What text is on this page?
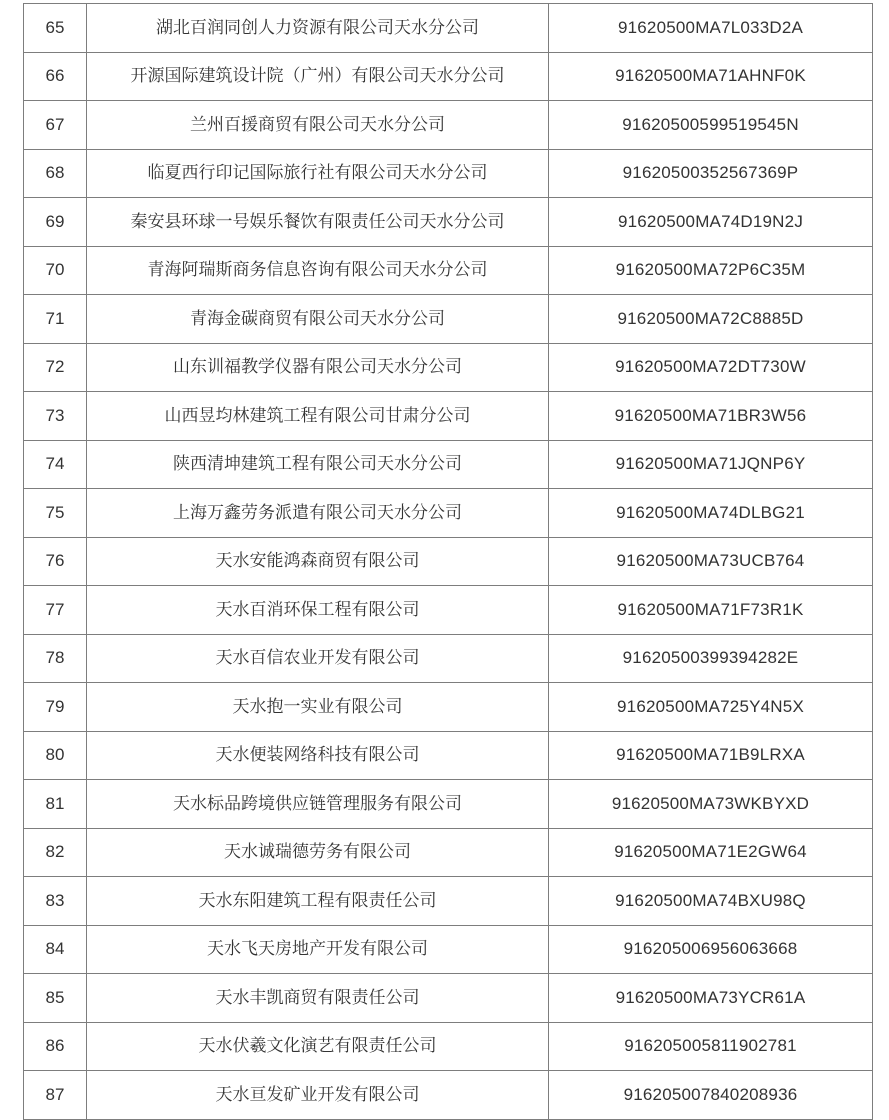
65	湖北百润同创人力资源有限公司天水分公司	91620500MA7L033D2A
66	开源国际建筑设计院（广州）有限公司天水分公司	91620500MA71AHNF0K
67	兰州百援商贸有限公司天水分公司	91620500599519545N
68	临夏西行印记国际旅行社有限公司天水分公司	91620500352567369P
69	秦安县环球一号娱乐餐饮有限责任公司天水分公司	91620500MA74D19N2J
70	青海阿瑞斯商务信息咨询有限公司天水分公司	91620500MA72P6C35M
71	青海金碳商贸有限公司天水分公司	91620500MA72C8885D
72	山东训福教学仪器有限公司天水分公司	91620500MA72DT730W
73	山西昱均林建筑工程有限公司甘肃分公司	91620500MA71BR3W56
74	陕西清坤建筑工程有限公司天水分公司	91620500MA71JQNP6Y
75	上海万鑫劳务派遣有限公司天水分公司	91620500MA74DLBG21
76	天水安能鸿森商贸有限公司	91620500MA73UCB764
77	天水百消环保工程有限公司	91620500MA71F73R1K
78	天水百信农业开发有限公司	91620500399394282E
79	天水抱一实业有限公司	91620500MA725Y4N5X
80	天水便装网络科技有限公司	91620500MA71B9LRXA
81	天水标品跨境供应链管理服务有限公司	91620500MA73WKBYXD
82	天水诚瑞德劳务有限公司	91620500MA71E2GW64
83	天水东阳建筑工程有限责任公司	91620500MA74BXU98Q
84	天水飞天房地产开发有限公司	916205006956063668
85	天水丰凯商贸有限责任公司	91620500MA73YCR61A
86	天水伏羲文化演艺有限责任公司	916205005811902781
87	天水亘发矿业开发有限公司	916205007840208936
